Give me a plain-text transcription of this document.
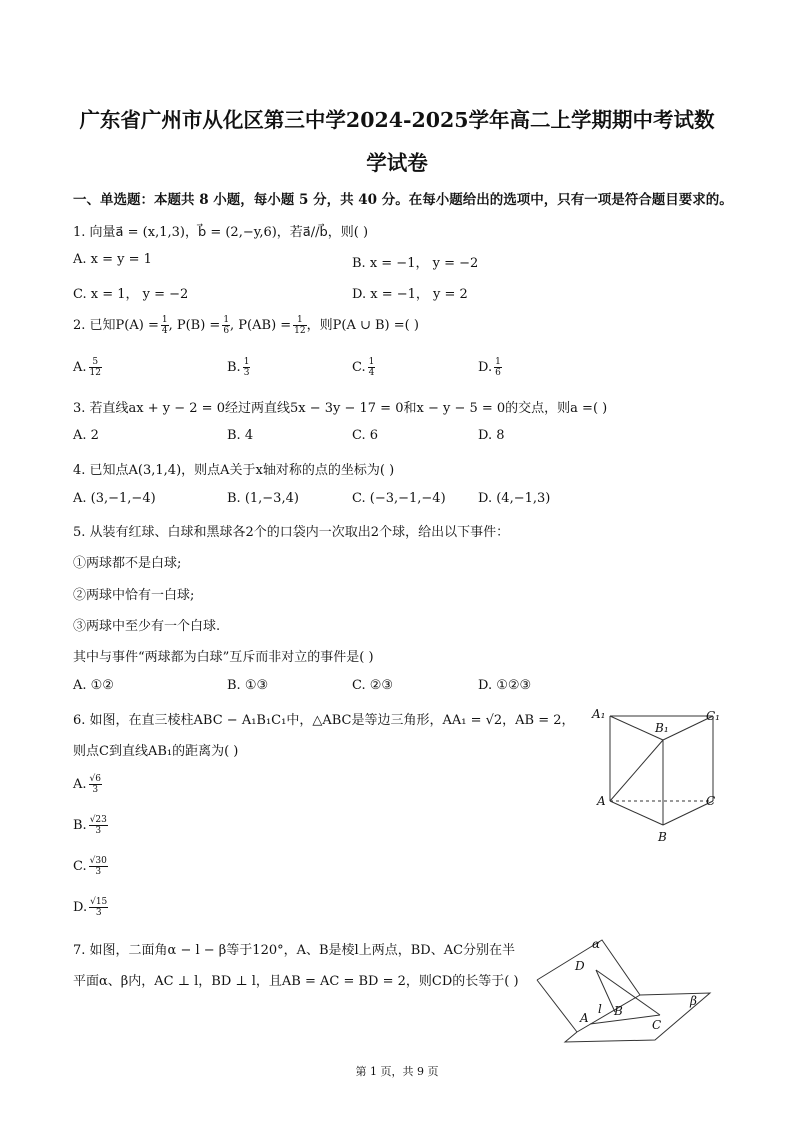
广东省广州市从化区第三中学2024-2025学年高二上学期期中考试数
学试卷
一、单选题：本题共 8 小题，每小题 5 分，共 40 分。在每小题给出的选项中，只有一项是符合题目要求的。
1. 向量a⃗ = (x,1,3)，b⃗ = (2,−y,6)，若a⃗//b⃗，则( )
A. x = y = 1	B. x = −1， y = −2
C. x = 1， y = −2	D. x = −1， y = 2
2. 已知$P(A) = \frac{1}{4}$ , $P(B) = \frac{1}{6}$ , $P(AB) = \frac{1}{12}$ ，则P(A ∪ B) =( )
A. $\frac{5}{12}$	B. $\frac{1}{3}$	C. $\frac{1}{4}$	D. $\frac{1}{6}$
3. 若直线ax + y − 2 = 0经过两直线5x − 3y − 17 = 0和x − y − 5 = 0的交点，则a =( )
A. 2	B. 4	C. 6	D. 8
4. 已知点A(3,1,4)，则点A关于x轴对称的点的坐标为( )
A. (3,−1,−4)	B. (1,−3,4)	C. (−3,−1,−4) D. (4,−1,3)
5. 从装有红球、白球和黑球各2个的口袋内一次取出2个球，给出以下事件：
①两球都不是白球;
②两球中恰有一白球;
③两球中至少有一个白球.
其中与事件“两球都为白球”互斥而非对立的事件是( )
A. ①②	B. ①③	C. ②③	D. ①②③
6. 如图，在直三棱柱ABC − A₁B₁C₁中，△ABC是等边三角形，AA₁ = √2，AB = 2，
则点C到直线AB₁的距离为( )
A. $\frac{√6}{3}$
B. $\frac{√23}{3}$
C. $\frac{√30}{3}$
D. $\frac{√15}{3}$
A₁
B₁
C₁
A	C
B
7. 如图，二面角α − l − β等于120°，A、B是棱l上两点，BD、AC分别在半
平面α、β内，AC ⊥ l，BD ⊥ l，且AB = AC = BD = 2，则CD的长等于( )
α
β
D
A
l B
C
第 1 页，共 9 页
